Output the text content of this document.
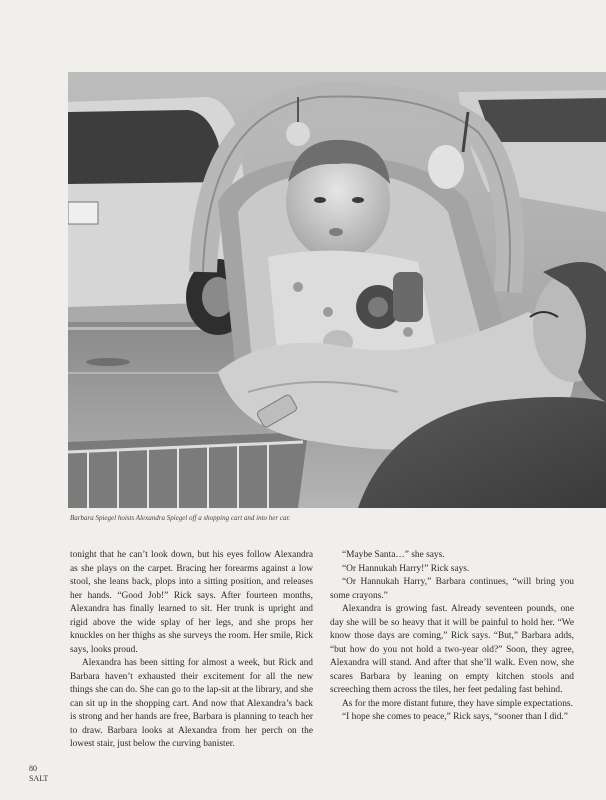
Barbara Spiegel hoists Alexandra Spiegel off a shopping cart and into her car.

tonight that he can’t look down, but his eyes follow Alexandra as she plays on the carpet. Bracing her forearms against a low stool, she leans back, plops into a sitting position, and releases her hands. “Good Job!” Rick says. After fourteen months, Alexandra has finally learned to sit. Her trunk is upright and rigid above the wide splay of her legs, and she props her knuckles on her thighs as she surveys the room. Her smile, Rick says, looks proud.

Alexandra has been sitting for almost a week, but Rick and Barbara haven’t exhausted their excitement for all the new things she can do. She can go to the lap-sit at the library, and she can sit up in the shopping cart. And now that Alexandra’s back is strong and her hands are free, Barbara is planning to teach her to draw. Barbara looks at Alexandra from her perch on the lowest stair, just below the curving banister.

“Maybe Santa…” she says.

“Or Hannukah Harry!” Rick says.

“Or Hannukah Harry,” Barbara continues, “will bring you some crayons.”

Alexandra is growing fast. Already seventeen pounds, one day she will be so heavy that it will be painful to hold her. “We know those days are coming,” Rick says. “But,” Barbara adds, “but how do you not hold a two-year old?” Soon, they agree, Alexandra will stand. And after that she’ll walk. Even now, she scares Barbara by leaning on empty kitchen stools and screeching them across the tiles, her feet pedaling fast behind.

As for the more distant future, they have simple expectations.

“I hope she comes to peace,” Rick says, “sooner than I did.”

80
SALT
